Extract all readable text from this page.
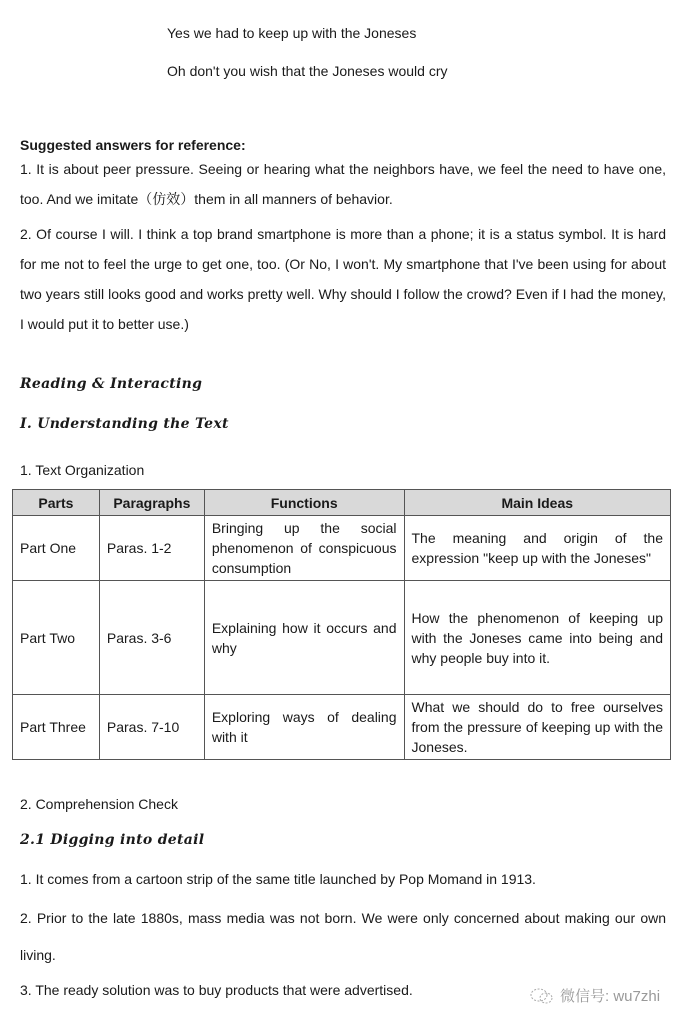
Yes we had to keep up with the Joneses
Oh don't you wish that the Joneses would cry
Suggested answers for reference:
1. It is about peer pressure. Seeing or hearing what the neighbors have, we feel the need to have one, too. And we imitate（仿效）them in all manners of behavior.
2. Of course I will. I think a top brand smartphone is more than a phone; it is a status symbol. It is hard for me not to feel the urge to get one, too. (Or No, I won't. My smartphone that I've been using for about two years still looks good and works pretty well. Why should I follow the crowd? Even if I had the money, I would put it to better use.)
Reading & Interacting
I. Understanding the Text
1. Text Organization
Parts	Paragraphs	Functions	Main Ideas
Part One	Paras. 1-2	Bringing up the social phenomenon of conspicuous consumption	The meaning and origin of the expression "keep up with the Joneses"
Part Two	Paras. 3-6	Explaining how it occurs and why	How the phenomenon of keeping up with the Joneses came into being and why people buy into it.
Part Three	Paras. 7-10	Exploring ways of dealing with it	What we should do to free ourselves from the pressure of keeping up with the Joneses.
2. Comprehension Check
2.1 Digging into detail
1. It comes from a cartoon strip of the same title launched by Pop Momand in 1913.
2. Prior to the late 1880s, mass media was not born. We were only concerned about making our own living.
3. The ready solution was to buy products that were advertised.	微信号: wu7zhi
